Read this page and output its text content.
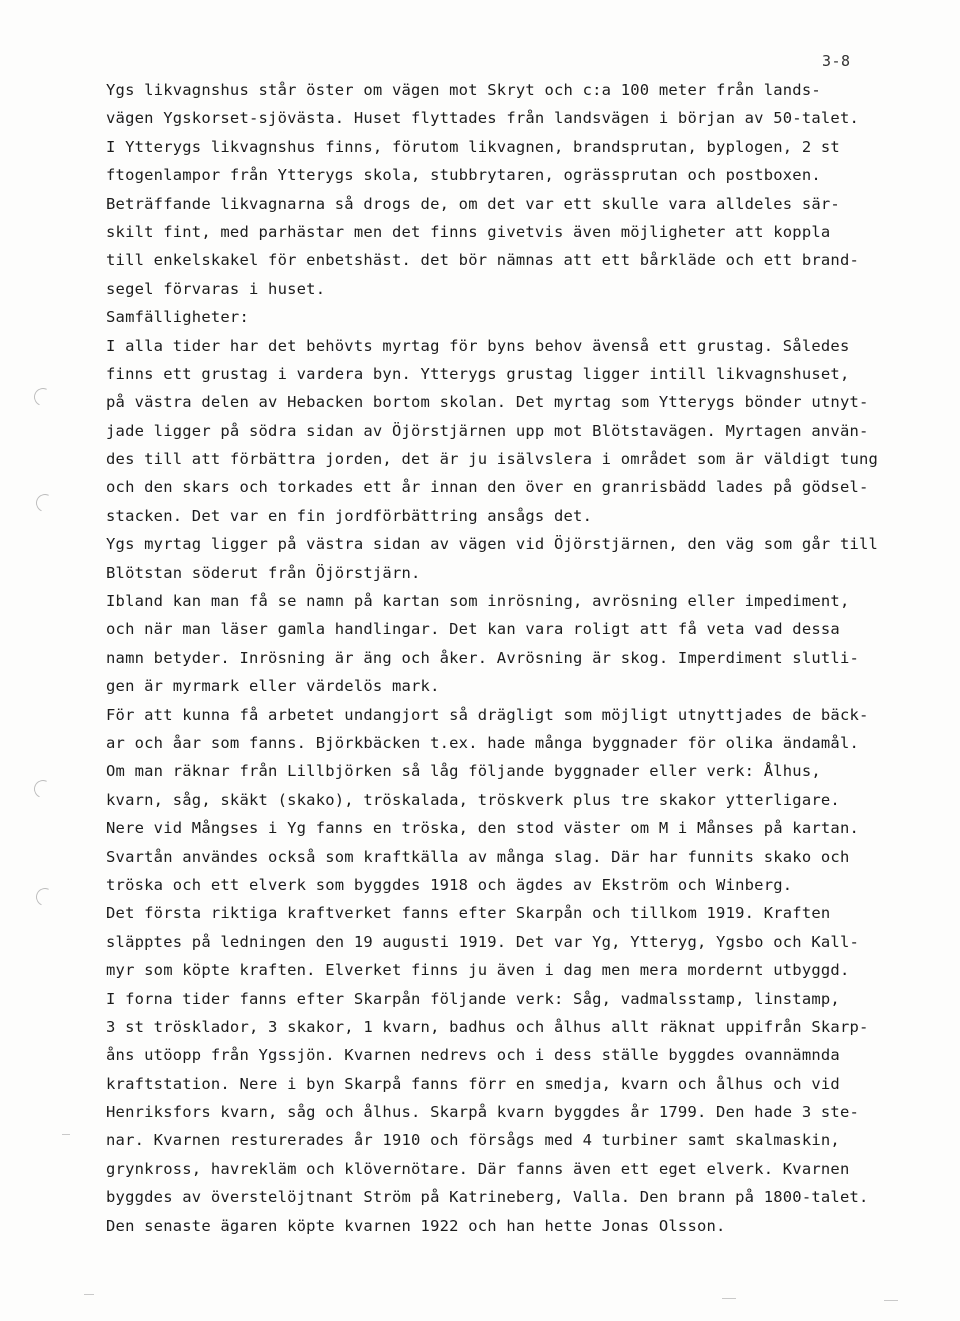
3-8
Ygs likvagnshus står öster om vägen mot Skryt och c:a 100 meter från lands-
vägen Ygskorset-sjövästa. Huset flyttades från landsvägen i början av 50-talet.
I Ytterygs likvagnshus finns, förutom likvagnen, brandsprutan, byplogen, 2 st
ftogenlampor från Ytterygs skola, stubbrytaren, ogrässprutan och postboxen.
Beträffande likvagnarna så drogs de, om det var ett skulle vara alldeles sär-
skilt fint, med parhästar men det finns givetvis även möjligheter att koppla
till enkelskakel för enbetshäst. det bör nämnas att ett bårkläde och ett brand-
segel förvaras i huset.
Samfälligheter:
I alla tider har det behövts myrtag för byns behov ävenså ett grustag. Således
finns ett grustag i vardera byn. Ytterygs grustag ligger intill likvagnshuset,
på västra delen av Hebacken bortom skolan. Det myrtag som Ytterygs bönder utnyt-
jade ligger på södra sidan av Öjörstjärnen upp mot Blötstavägen. Myrtagen använ-
des till att förbättra jorden, det är ju isälvslera i området som är väldigt tung
och den skars och torkades ett år innan den över en granrisbädd lades på gödsel-
stacken. Det var en fin jordförbättring ansågs det.
Ygs myrtag ligger på västra sidan av vägen vid Öjörstjärnen, den väg som går till
Blötstan söderut från Öjörstjärn.
Ibland kan man få se namn på kartan som inrösning, avrösning eller impediment,
och när man läser gamla handlingar. Det kan vara roligt att få veta vad dessa
namn betyder. Inrösning är äng och åker. Avrösning är skog. Imperdiment slutli-
gen är myrmark eller värdelös mark.
För att kunna få arbetet undangjort så drägligt som möjligt utnyttjades de bäck-
ar och åar som fanns. Björkbäcken t.ex. hade många byggnader för olika ändamål.
Om man räknar från Lillbjörken så låg följande byggnader eller verk: Ålhus,
kvarn, såg, skäkt (skako), tröskalada, tröskverk plus tre skakor ytterligare.
Nere vid Mångses i Yg fanns en tröska, den stod väster om M i Månses på kartan.
Svartån användes också som kraftkälla av många slag. Där har funnits skako och
tröska och ett elverk som byggdes 1918 och ägdes av Ekström och Winberg.
Det första riktiga kraftverket fanns efter Skarpån och tillkom 1919. Kraften
släpptes på ledningen den 19 augusti 1919. Det var Yg, Ytteryg, Ygsbo och Kall-
myr som köpte kraften. Elverket finns ju även i dag men mera mordernt utbyggd.
I forna tider fanns efter Skarpån följande verk: Såg, vadmalsstamp, linstamp,
3 st trösklador, 3 skakor, 1 kvarn, badhus och ålhus allt räknat uppifrån Skarp-
åns utöopp från Ygssjön. Kvarnen nedrevs och i dess ställe byggdes ovannämnda
kraftstation. Nere i byn Skarpå fanns förr en smedja, kvarn och ålhus och vid
Henriksfors kvarn, såg och ålhus. Skarpå kvarn byggdes år 1799. Den hade 3 ste-
nar. Kvarnen resturerades år 1910 och försågs med 4 turbiner samt skalmaskin,
grynkross, havrekläm och klövernötare. Där fanns även ett eget elverk. Kvarnen
byggdes av överstelöjtnant Ström på Katrineberg, Valla. Den brann på 1800-talet.
Den senaste ägaren köpte kvarnen 1922 och han hette Jonas Olsson.
